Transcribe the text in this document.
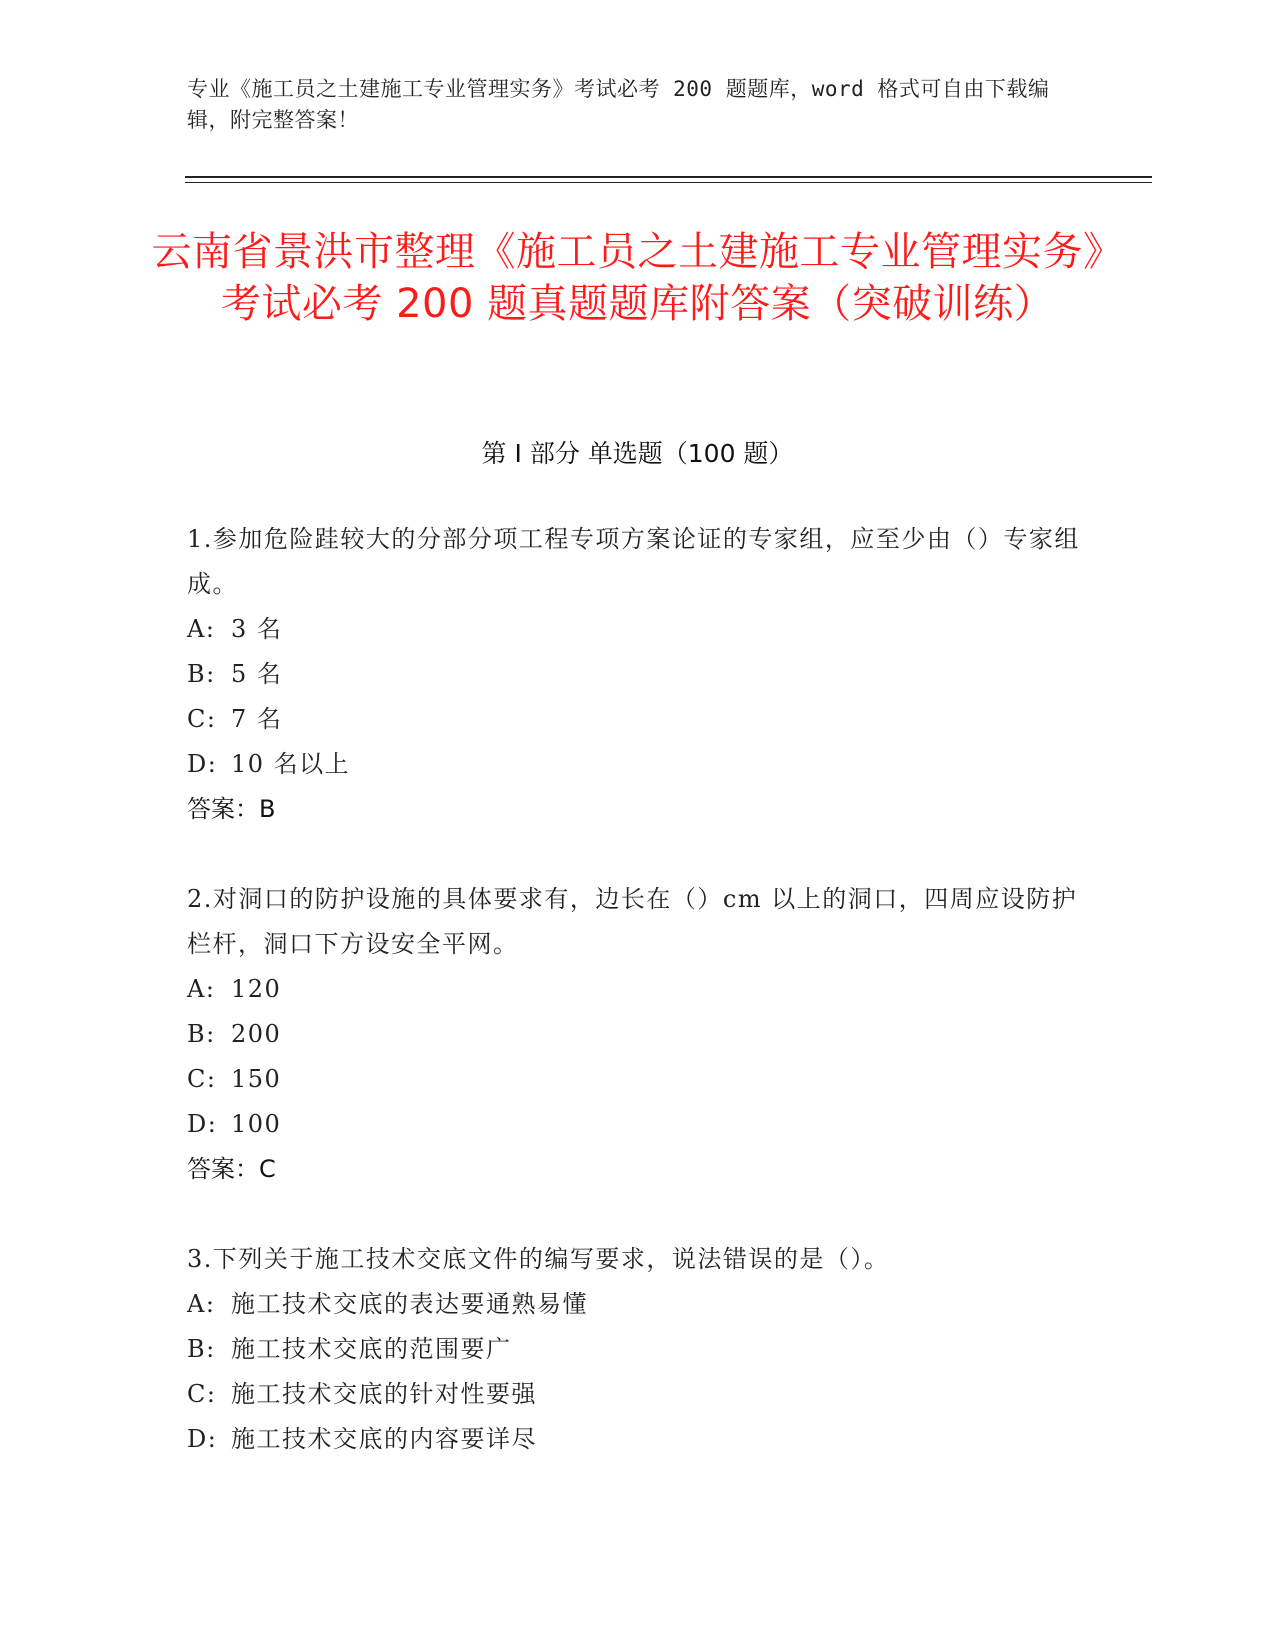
专业《施工员之土建施工专业管理实务》考试必考 200 题题库，word 格式可自由下载编辑，附完整答案！
云南省景洪市整理《施工员之土建施工专业管理实务》考试必考 200 题真题题库附答案（突破训练）
第 I 部分 单选题（100 题）
1.参加危险跬较大的分部分项工程专项方案论证的专家组，应至少由（）专家组成。
A: 3 名
B: 5 名
C: 7 名
D: 10 名以上
答案：B
2.对洞口的防护设施的具体要求有，边长在（）cm 以上的洞口，四周应设防护栏杆，洞口下方设安全平网。
A: 120
B: 200
C: 150
D: 100
答案：C
3.下列关于施工技术交底文件的编写要求，说法错误的是（）。
A: 施工技术交底的表达要通熟易懂
B: 施工技术交底的范围要广
C: 施工技术交底的针对性要强
D: 施工技术交底的内容要详尽
